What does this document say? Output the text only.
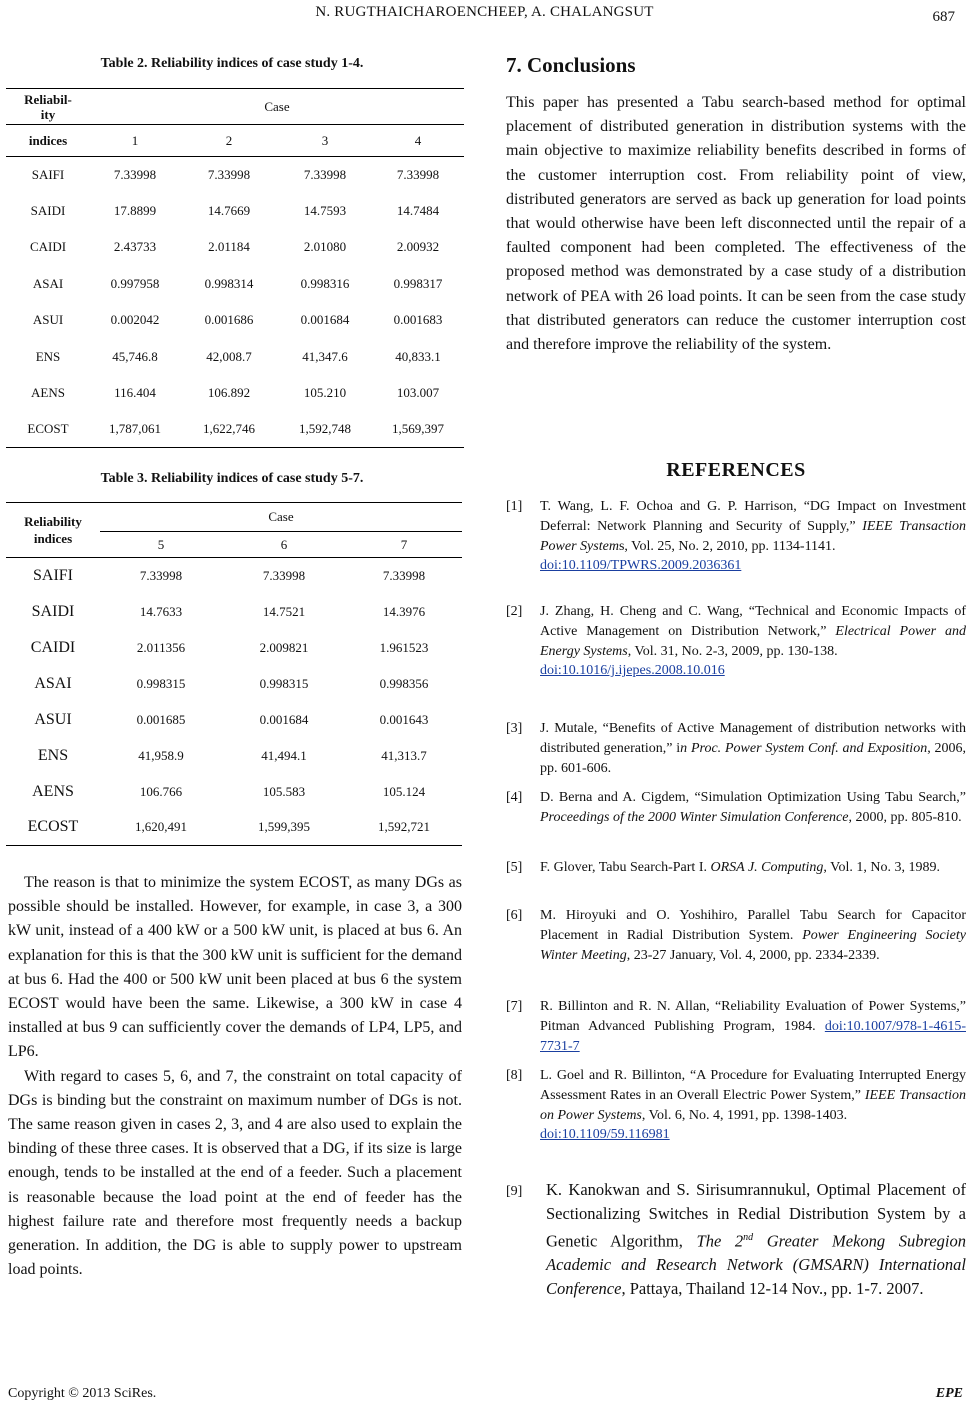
N. RUGTHAICHAROENCHEEP, A. CHALANGSUT	687
Table 2. Reliability indices of case study 1-4.
Reliabil-
ity	Case			
indices	1	2	3	4
SAIFI	7.33998	7.33998	7.33998	7.33998
SAIDI	17.8899	14.7669	14.7593	14.7484
CAIDI	2.43733	2.01184	2.01080	2.00932
ASAI	0.997958	0.998314	0.998316	0.998317
ASUI	0.002042	0.001686	0.001684	0.001683
ENS	45,746.8	42,008.7	41,347.6	40,833.1
AENS	116.404	106.892	105.210	103.007
ECOST	1,787,061	1,622,746	1,592,748	1,569,397
Table 3. Reliability indices of case study 5-7.
Reliability
indices	Case		
	5	6	7
SAIFI	7.33998	7.33998	7.33998
SAIDI	14.7633	14.7521	14.3976
CAIDI	2.011356	2.009821	1.961523
ASAI	0.998315	0.998315	0.998356
ASUI	0.001685	0.001684	0.001643
ENS	41,958.9	41,494.1	41,313.7
AENS	106.766	105.583	105.124
ECOST	1,620,491	1,599,395	1,592,721

The reason is that to minimize the system ECOST, as many DGs as possible should be installed. However, for example, in case 3, a 300 kW unit, instead of a 400 kW or a 500 kW unit, is placed at bus 6. An explanation for this is that the 300 kW unit is sufficient for the demand at bus 6. Had the 400 or 500 kW unit been placed at bus 6 the system ECOST would have been the same. Likewise, a 300 kW in case 4 installed at bus 9 can sufficiently cover the demands of LP4, LP5, and LP6.

With regard to cases 5, 6, and 7, the constraint on total capacity of DGs is binding but the constraint on maximum number of DGs is not. The same reason given in cases 2, 3, and 4 are also used to explain the binding of these three cases. It is observed that a DG, if its size is large enough, tends to be installed at the end of a feeder. Such a placement is reasonable because the load point at the end of feeder has the highest failure rate and therefore most frequently needs a backup generation. In addition, the DG is able to supply power to upstream load points.

7. Conclusions

This paper has presented a Tabu search-based method for optimal placement of distributed generation in distribution systems with the main objective to maximize reliability benefits described in forms of the customer interruption cost. From reliability point of view, distributed generators are served as back up generation for load points that would otherwise have been left disconnected until the repair of a faulted component had been completed. The effectiveness of the proposed method was demonstrated by a case study of a distribution network of PEA with 26 load points. It can be seen from the case study that distributed generators can reduce the customer interruption cost and therefore improve the reliability of the system.

REFERENCES
[1] T. Wang, L. F. Ochoa and G. P. Harrison, “DG Impact on Investment Deferral: Network Planning and Security of Supply,” IEEE Transaction Power Systems, Vol. 25, No. 2, 2010, pp. 1134-1141.
doi:10.1109/TPWRS.2009.2036361
[2] J. Zhang, H. Cheng and C. Wang, “Technical and Economic Impacts of Active Management on Distribution Network,” Electrical Power and Energy Systems, Vol. 31, No. 2-3, 2009, pp. 130-138.
doi:10.1016/j.ijepes.2008.10.016
[3] J. Mutale, “Benefits of Active Management of distribution networks with distributed generation,” in Proc. Power System Conf. and Exposition, 2006, pp. 601-606.
[4] D. Berna and A. Cigdem, “Simulation Optimization Using Tabu Search,” Proceedings of the 2000 Winter Simulation Conference, 2000, pp. 805-810.
[5] F. Glover, Tabu Search-Part I. ORSA J. Computing, Vol. 1, No. 3, 1989.
[6] M. Hiroyuki and O. Yoshihiro, Parallel Tabu Search for Capacitor Placement in Radial Distribution System. Power Engineering Society Winter Meeting, 23-27 January, Vol. 4, 2000, pp. 2334-2339.
[7] R. Billinton and R. N. Allan, “Reliability Evaluation of Power Systems,” Pitman Advanced Publishing Program, 1984. doi:10.1007/978-1-4615-7731-7
[8] L. Goel and R. Billinton, “A Procedure for Evaluating Interrupted Energy Assessment Rates in an Overall Electric Power System,” IEEE Transaction on Power Systems, Vol. 6, No. 4, 1991, pp. 1398-1403.
doi:10.1109/59.116981
[9] K. Kanokwan and S. Sirisumrannukul, Optimal Placement of Sectionalizing Switches in Redial Distribution System by a Genetic Algorithm, The 2nd Greater Mekong Subregion Academic and Research Network (GMSARN) International Conference, Pattaya, Thailand 12-14 Nov., pp. 1-7. 2007.
Copyright © 2013 SciRes.	EPE
